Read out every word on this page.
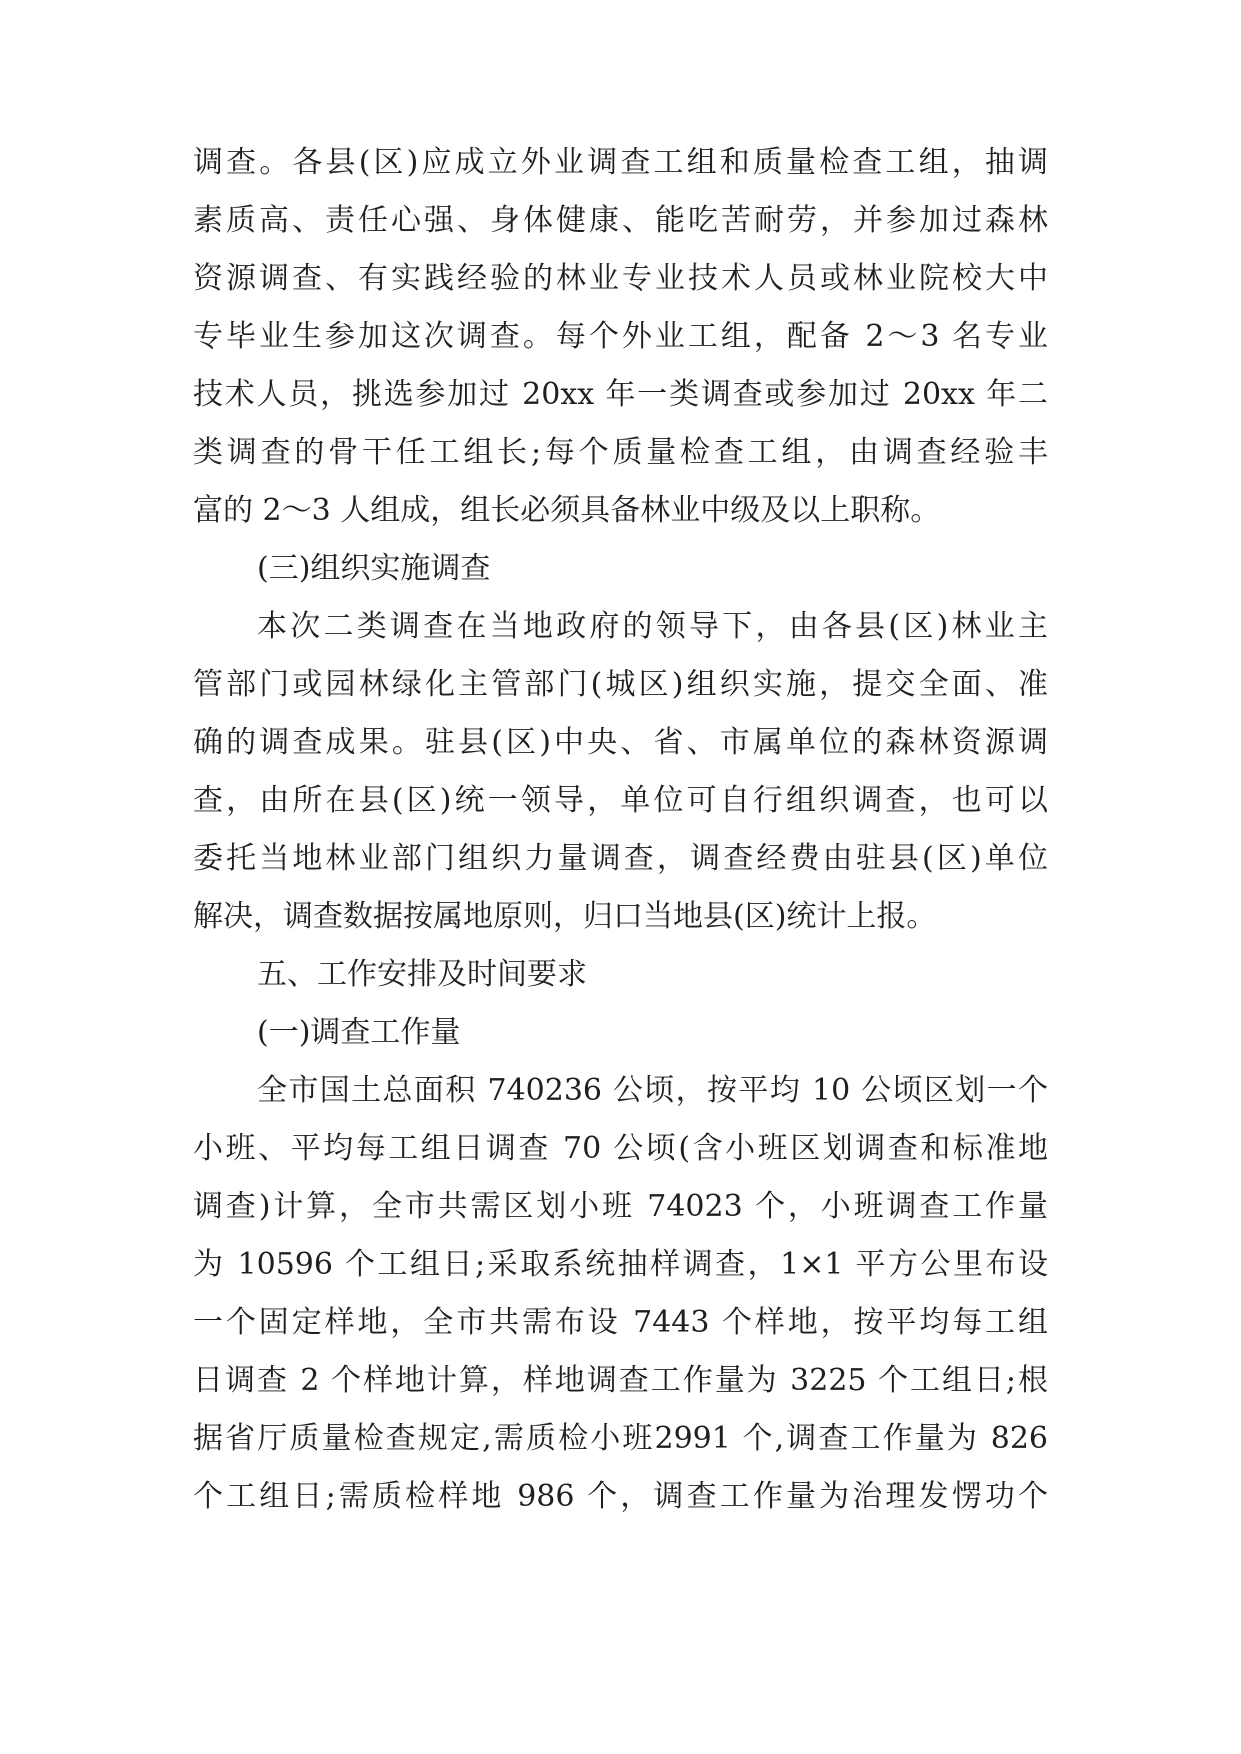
调查。各县(区)应成立外业调查工组和质量检查工组，抽调
素质高、责任心强、身体健康、能吃苦耐劳，并参加过森林
资源调查、有实践经验的林业专业技术人员或林业院校大中
专毕业生参加这次调查。每个外业工组，配备 2～3 名专业
技术人员，挑选参加过 20xx 年一类调查或参加过 20xx 年二
类调查的骨干任工组长;每个质量检查工组，由调查经验丰
富的 2～3 人组成，组长必须具备林业中级及以上职称。
(三)组织实施调查
本次二类调查在当地政府的领导下，由各县(区)林业主
管部门或园林绿化主管部门(城区)组织实施，提交全面、准
确的调查成果。驻县(区)中央、省、市属单位的森林资源调
查，由所在县(区)统一领导，单位可自行组织调查，也可以
委托当地林业部门组织力量调查，调查经费由驻县(区)单位
解决，调查数据按属地原则，归口当地县(区)统计上报。
五、工作安排及时间要求
(一)调查工作量
全市国土总面积 740236 公顷，按平均 10 公顷区划一个
小班、平均每工组日调查 70 公顷(含小班区划调查和标准地
调查)计算，全市共需区划小班 74023 个，小班调查工作量
为 10596 个工组日;采取系统抽样调查，1×1 平方公里布设
一个固定样地，全市共需布设 7443 个样地，按平均每工组
日调查 2 个样地计算，样地调查工作量为 3225 个工组日;根
据省厅质量检查规定,需质检小班2991 个,调查工作量为 826
个工组日;需质检样地 986 个，调查工作量为治理发愣功个
